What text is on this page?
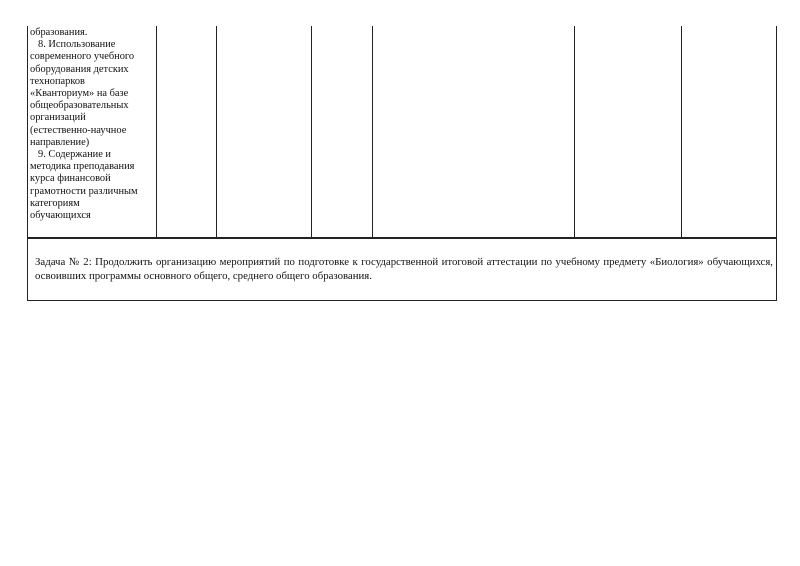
образования.
8. Использование
современного учебного
оборудования детских
технопарков
«Кванториум» на базе
общеобразовательных
организаций
(естественно-научное
направление)
9. Содержание и
методика преподавания
курса финансовой
грамотности различным
категориям
обучающихся
Задача № 2: Продолжить организацию мероприятий по подготовке к государственной итоговой аттестации по учебному предмету «Биология» обучающихся, освоивших программы основного общего, среднего общего образования.
